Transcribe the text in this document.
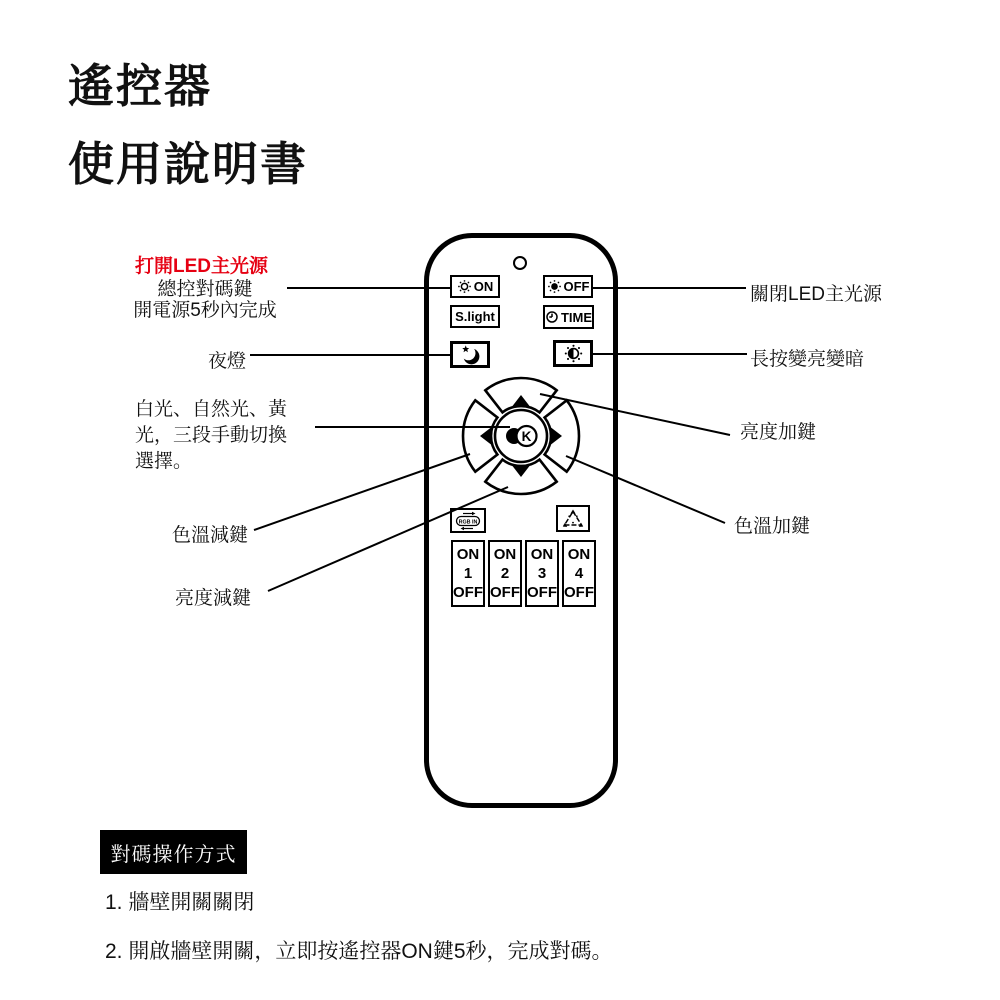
遙控器
使用說明書
ON	OFF
S.light	TIME
K
RGB IN
ON
1
OFF
ON
2
OFF
ON
3
OFF
ON
4
OFF
打開LED主光源
總控對碼鍵
開電源5秒內完成
夜燈
白光、自然光、黃
光，三段手動切換
選擇。
色溫減鍵
亮度減鍵
關閉LED主光源
長按變亮變暗
亮度加鍵
色溫加鍵
對碼操作方式
1. 牆壁開關關閉
2. 開啟牆壁開關，立即按遙控器ON鍵5秒，完成對碼。
